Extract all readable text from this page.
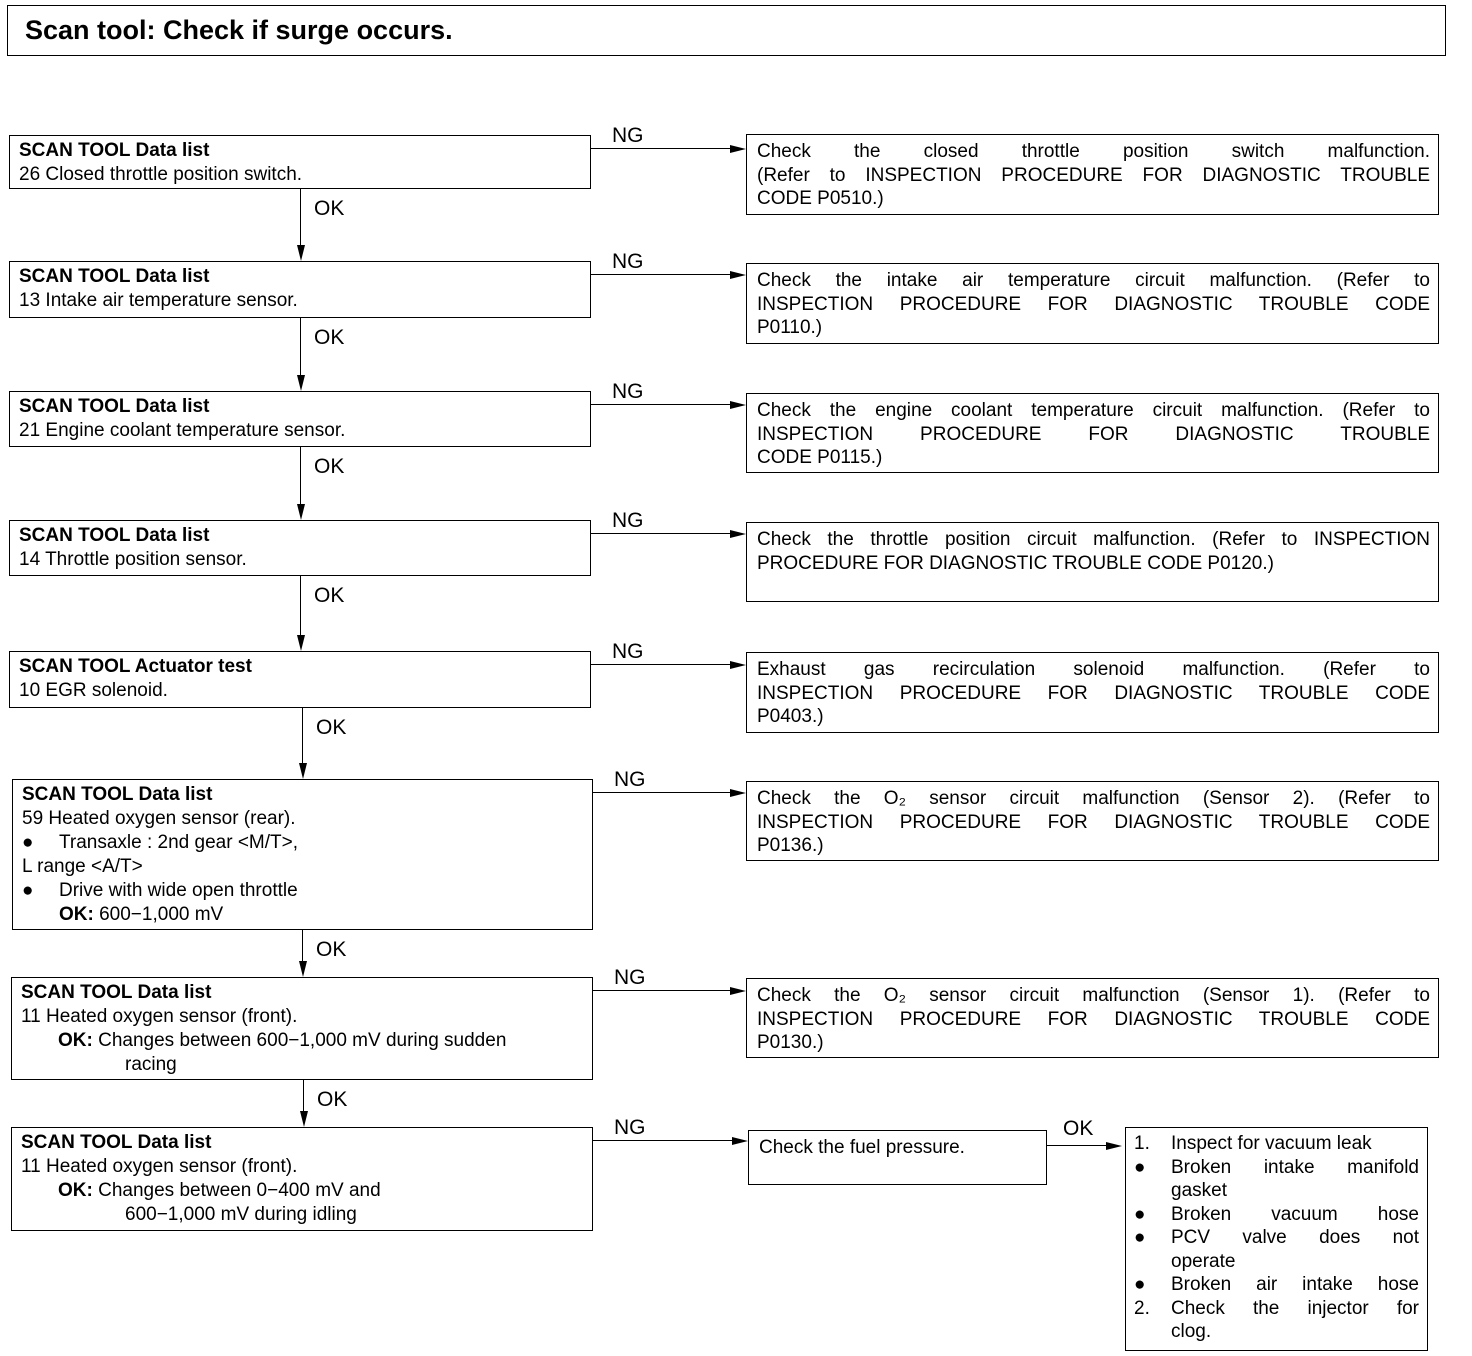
Scan tool: Check if surge occurs.
SCAN TOOL Data list
26 Closed throttle position switch.
Check the closed throttle position switch malfunction.
(Refer to INSPECTION PROCEDURE FOR DIAGNOSTIC TROUBLE
CODE P0510.)
NG
OK
SCAN TOOL Data list
13 Intake air temperature sensor.
Check the intake air temperature circuit malfunction. (Refer to
INSPECTION PROCEDURE FOR DIAGNOSTIC TROUBLE CODE
P0110.)
NG
OK
SCAN TOOL Data list
21 Engine coolant temperature sensor.
Check the engine coolant temperature circuit malfunction. (Refer to
INSPECTION PROCEDURE FOR DIAGNOSTIC TROUBLE
CODE P0115.)
NG
OK
SCAN TOOL Data list
14 Throttle position sensor.
Check the throttle position circuit malfunction. (Refer to INSPECTION
PROCEDURE FOR DIAGNOSTIC TROUBLE CODE P0120.)
NG
OK
SCAN TOOL Actuator test
10 EGR solenoid.
Exhaust gas recirculation solenoid malfunction. (Refer to
INSPECTION PROCEDURE FOR DIAGNOSTIC TROUBLE CODE
P0403.)
NG
OK
SCAN TOOL Data list
59 Heated oxygen sensor (rear).
● Transaxle : 2nd gear <M/T>,
L range <A/T>
● Drive with wide open throttle
OK: 600−1,000 mV
Check the O₂ sensor circuit malfunction (Sensor 2). (Refer to
INSPECTION PROCEDURE FOR DIAGNOSTIC TROUBLE CODE
P0136.)
NG
OK
SCAN TOOL Data list
11 Heated oxygen sensor (front).
OK: Changes between 600−1,000 mV during sudden
racing
Check the O₂ sensor circuit malfunction (Sensor 1). (Refer to
INSPECTION PROCEDURE FOR DIAGNOSTIC TROUBLE CODE
P0130.)
NG
OK
SCAN TOOL Data list
11 Heated oxygen sensor (front).
OK: Changes between 0−400 mV and
600−1,000 mV during idling
Check the fuel pressure.
NG	OK
1.	Inspect for vacuum leak
●	Broken intake manifold
gasket
●	Broken vacuum hose
●	PCV valve does not
operate
●	Broken air intake hose
2.	Check the injector for
clog.
